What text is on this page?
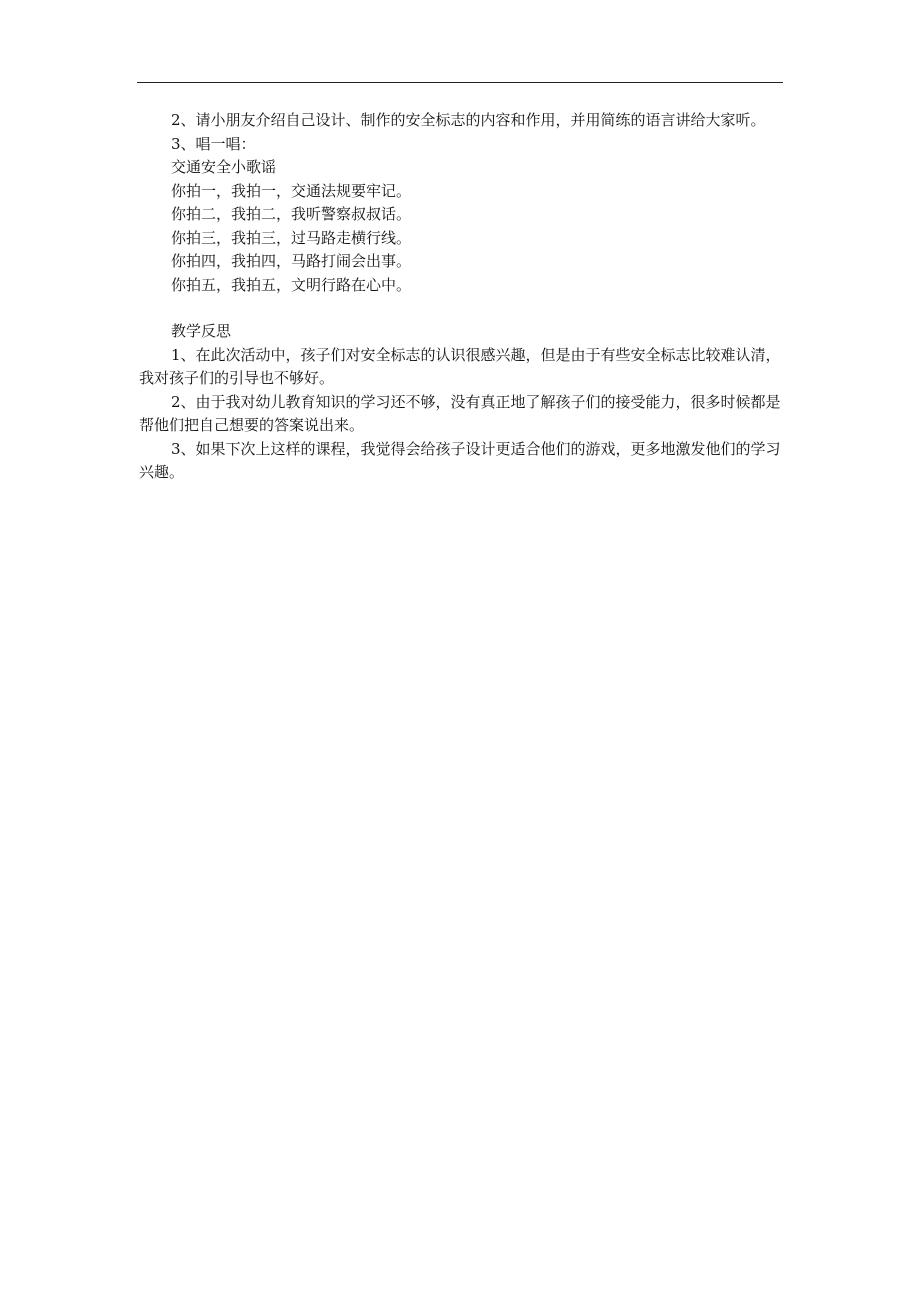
2、请小朋友介绍自己设计、制作的安全标志的内容和作用，并用简练的语言讲给大家听。

3、唱一唱：

交通安全小歌谣

你拍一，我拍一，交通法规要牢记。

你拍二，我拍二，我听警察叔叔话。

你拍三，我拍三，过马路走横行线。

你拍四，我拍四，马路打闹会出事。

你拍五，我拍五，文明行路在心中。

教学反思

1、在此次活动中，孩子们对安全标志的认识很感兴趣，但是由于有些安全标志比较难认清，我对孩子们的引导也不够好。

2、由于我对幼儿教育知识的学习还不够，没有真正地了解孩子们的接受能力，很多时候都是帮他们把自己想要的答案说出来。

3、如果下次上这样的课程，我觉得会给孩子设计更适合他们的游戏，更多地激发他们的学习兴趣。
